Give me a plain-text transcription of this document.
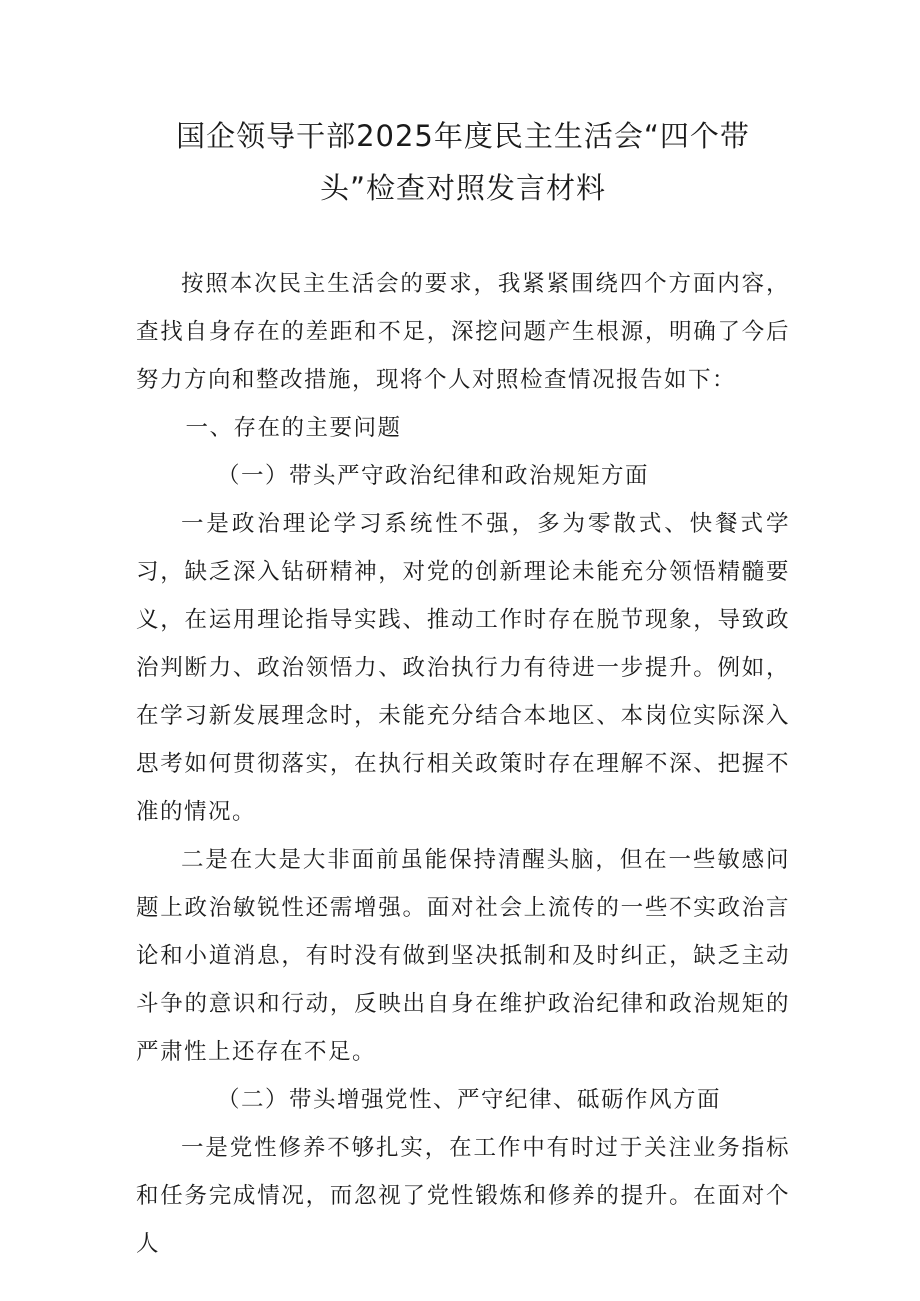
国企领导干部2025年度民主生活会“四个带
头”检查对照发言材料

按照本次民主生活会的要求，我紧紧围绕四个方面内容，查找自身存在的差距和不足，深挖问题产生根源，明确了今后努力方向和整改措施，现将个人对照检查情况报告如下：

一、存在的主要问题

（一）带头严守政治纪律和政治规矩方面

一是政治理论学习系统性不强，多为零散式、快餐式学习，缺乏深入钻研精神，对党的创新理论未能充分领悟精髓要义，在运用理论指导实践、推动工作时存在脱节现象，导致政治判断力、政治领悟力、政治执行力有待进一步提升。例如，在学习新发展理念时，未能充分结合本地区、本岗位实际深入思考如何贯彻落实，在执行相关政策时存在理解不深、把握不准的情况。

二是在大是大非面前虽能保持清醒头脑，但在一些敏感问题上政治敏锐性还需增强。面对社会上流传的一些不实政治言论和小道消息，有时没有做到坚决抵制和及时纠正，缺乏主动斗争的意识和行动，反映出自身在维护政治纪律和政治规矩的严肃性上还存在不足。

（二）带头增强党性、严守纪律、砥砺作风方面

一是党性修养不够扎实，在工作中有时过于关注业务指标和任务完成情况，而忽视了党性锻炼和修养的提升。在面对个人
